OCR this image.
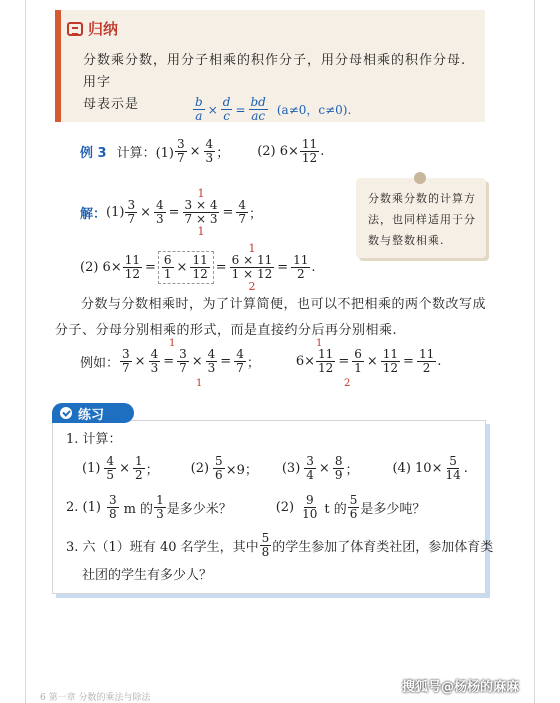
归纳
分数乘分数，用分子相乘的积作分子，用分母相乘的积作分母. 用字
母表示是	$\frac{b}{a} \times \frac{d}{c} = \frac{bd}{ac} (a\ne 0$，c≠0).
例 3 计算：$(1) \frac{3}{7} \times \frac{4}{3}$ ； (2) $6\times \frac{11}{12}$ .
解： $(1) \frac{3}{7} \times \frac{4}{3}$ =
1
$\frac{3 \times 4}{7 \times 3}$
1
= $\frac{4}{7}$ ；
分数乘分数的计算方法，也同样适用于分数与整数相乘.
(2) $6\times \frac{11}{12} = \frac{6}{1} \times \frac{11}{12}$ =
1
$\frac{6 \times 11}{1 \times 12}$
2
= $\frac{11}{2}$ .
分数与分数相乘时，为了计算简便，也可以不把相乘的两个数改写成分子、分母分别相乘的形式，而是直接约分后再分别相乘.
例如： $\frac{3}{7} \times \frac{4}{3} = \frac{3}{7} \times \frac{4}{3} = \frac{4}{7}$ ；	$6\times \frac{11}{12} = \frac{6}{1} \times \frac{11}{12} = \frac{11}{2}$ .
1
1
1
2
练习
1. 计算：
$(1) \frac{4}{5} \times \frac{1}{2}$ ； $(2) \frac{5}{6} \times 9$； $(3) \frac{3}{4} \times \frac{8}{9}$ ；	(4) $10\times \frac{5}{14}$ .
2. $(1) \frac{3}{8}$ m 的 $\frac{1}{3}$ 是多少米？	$(2) \frac{9}{10}$ t 的 $\frac{5}{6}$ 是多少吨？
3. 六（1）班有 40 名学生，其中 $\frac{5}{8}$ 的学生参加了体育类社团，参加体育类
社团的学生有多少人？
6 第一章 分数的乘法与除法
搜狐号@杨杨的麻麻
